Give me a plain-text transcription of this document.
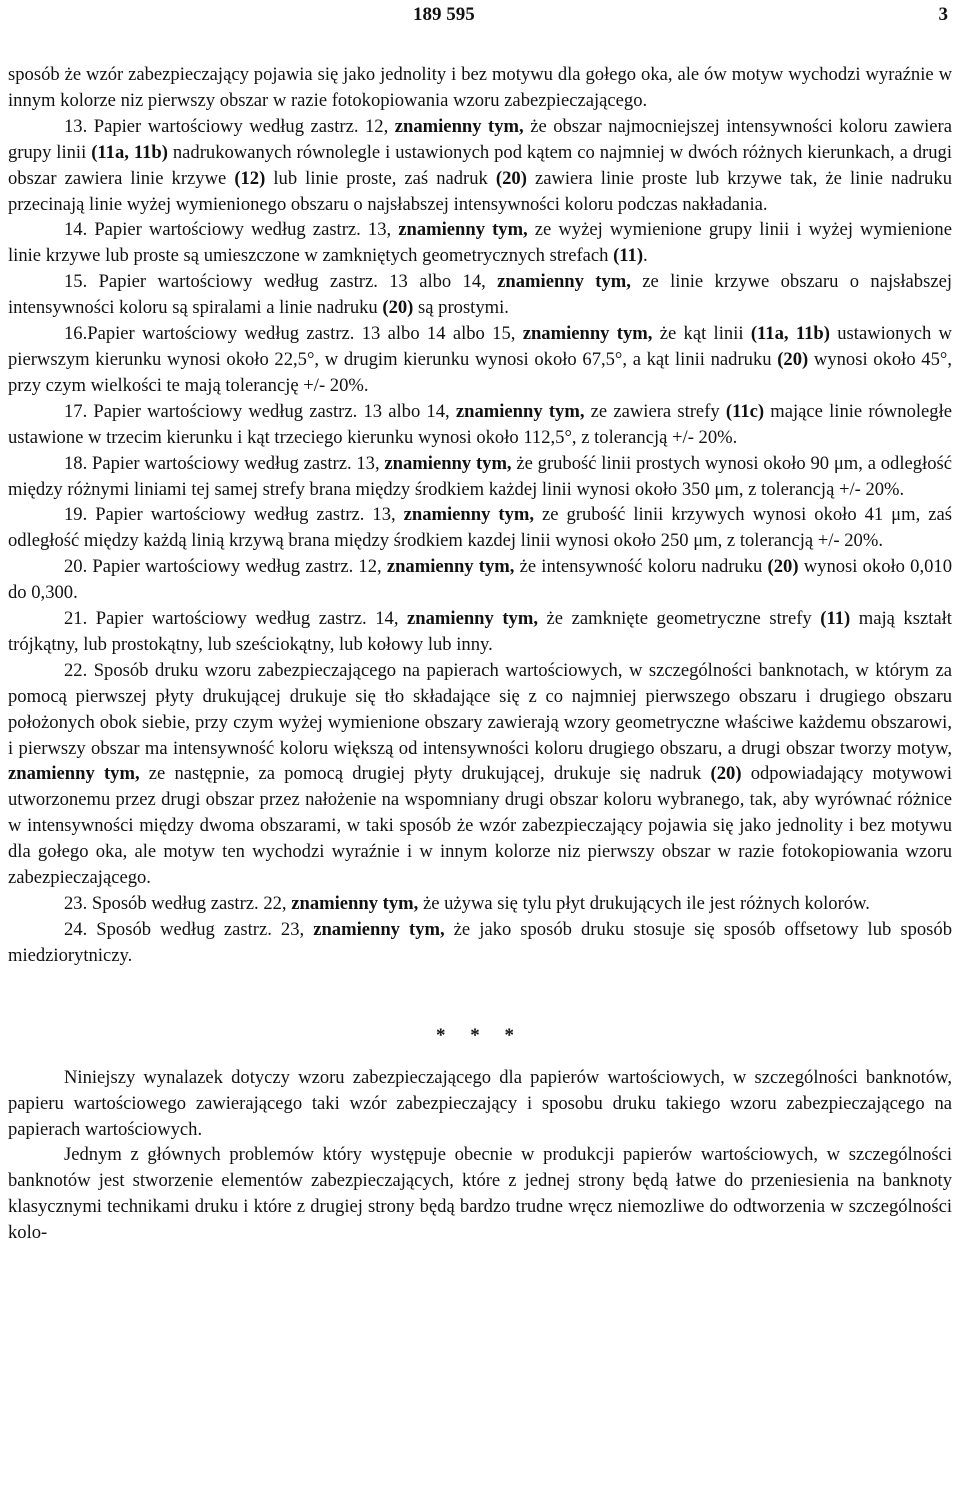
189 595	3

sposób że wzór zabezpieczający pojawia się jako jednolity i bez motywu dla gołego oka, ale ów motyw wychodzi wyraźnie w innym kolorze niz pierwszy obszar w razie fotokopiowania wzoru zabezpieczającego.

13. Papier wartościowy według zastrz. 12, znamienny tym, że obszar najmocniejszej intensywności koloru zawiera grupy linii (11a, 11b) nadrukowanych równolegle i ustawionych pod kątem co najmniej w dwóch różnych kierunkach, a drugi obszar zawiera linie krzywe (12) lub linie proste, zaś nadruk (20) zawiera linie proste lub krzywe tak, że linie nadruku przecinają linie wyżej wymienionego obszaru o najsłabszej intensywności koloru podczas nakładania.

14. Papier wartościowy według zastrz. 13, znamienny tym, ze wyżej wymienione grupy linii i wyżej wymienione linie krzywe lub proste są umieszczone w zamkniętych geometrycznych strefach (11).

15. Papier wartościowy według zastrz. 13 albo 14, znamienny tym, ze linie krzywe obszaru o najsłabszej intensywności koloru są spiralami a linie nadruku (20) są prostymi.

16.Papier wartościowy według zastrz. 13 albo 14 albo 15, znamienny tym, że kąt linii (11a, 11b) ustawionych w pierwszym kierunku wynosi około 22,5°, w drugim kierunku wynosi około 67,5°, a kąt linii nadruku (20) wynosi około 45°, przy czym wielkości te mają tolerancję +/- 20%.

17. Papier wartościowy według zastrz. 13 albo 14, znamienny tym, ze zawiera strefy (11c) mające linie równoległe ustawione w trzecim kierunku i kąt trzeciego kierunku wynosi około 112,5°, z tolerancją +/- 20%.

18. Papier wartościowy według zastrz. 13, znamienny tym, że grubość linii prostych wynosi około 90 μm, a odległość między różnymi liniami tej samej strefy brana między środkiem każdej linii wynosi około 350 μm, z tolerancją +/- 20%.

19. Papier wartościowy według zastrz. 13, znamienny tym, ze grubość linii krzywych wynosi około 41 μm, zaś odległość między każdą linią krzywą brana między środkiem kazdej linii wynosi około 250 μm, z tolerancją +/- 20%.

20. Papier wartościowy według zastrz. 12, znamienny tym, że intensywność koloru nadruku (20) wynosi około 0,010 do 0,300.

21. Papier wartościowy według zastrz. 14, znamienny tym, że zamknięte geometryczne strefy (11) mają kształt trójkątny, lub prostokątny, lub sześciokątny, lub kołowy lub inny.

22. Sposób druku wzoru zabezpieczającego na papierach wartościowych, w szczególności banknotach, w którym za pomocą pierwszej płyty drukującej drukuje się tło składające się z co najmniej pierwszego obszaru i drugiego obszaru położonych obok siebie, przy czym wyżej wymienione obszary zawierają wzory geometryczne właściwe każdemu obszarowi, i pierwszy obszar ma intensywność koloru większą od intensywności koloru drugiego obszaru, a drugi obszar tworzy motyw, znamienny tym, ze następnie, za pomocą drugiej płyty drukującej, drukuje się nadruk (20) odpowiadający motywowi utworzonemu przez drugi obszar przez nałożenie na wspomniany drugi obszar koloru wybranego, tak, aby wyrównać różnice w intensywności między dwoma obszarami, w taki sposób że wzór zabezpieczający pojawia się jako jednolity i bez motywu dla gołego oka, ale motyw ten wychodzi wyraźnie i w innym kolorze niz pierwszy obszar w razie fotokopiowania wzoru zabezpieczającego.

23. Sposób według zastrz. 22, znamienny tym, że używa się tylu płyt drukujących ile jest różnych kolorów.

24. Sposób według zastrz. 23, znamienny tym, że jako sposób druku stosuje się sposób offsetowy lub sposób miedziorytniczy.

* * *

Niniejszy wynalazek dotyczy wzoru zabezpieczającego dla papierów wartościowych, w szczególności banknotów, papieru wartościowego zawierającego taki wzór zabezpieczający i sposobu druku takiego wzoru zabezpieczającego na papierach wartościowych.

Jednym z głównych problemów który występuje obecnie w produkcji papierów wartościowych, w szczególności banknotów jest stworzenie elementów zabezpieczających, które z jednej strony będą łatwe do przeniesienia na banknoty klasycznymi technikami druku i które z drugiej strony będą bardzo trudne wręcz niemozliwe do odtworzenia w szczególności kolo-
